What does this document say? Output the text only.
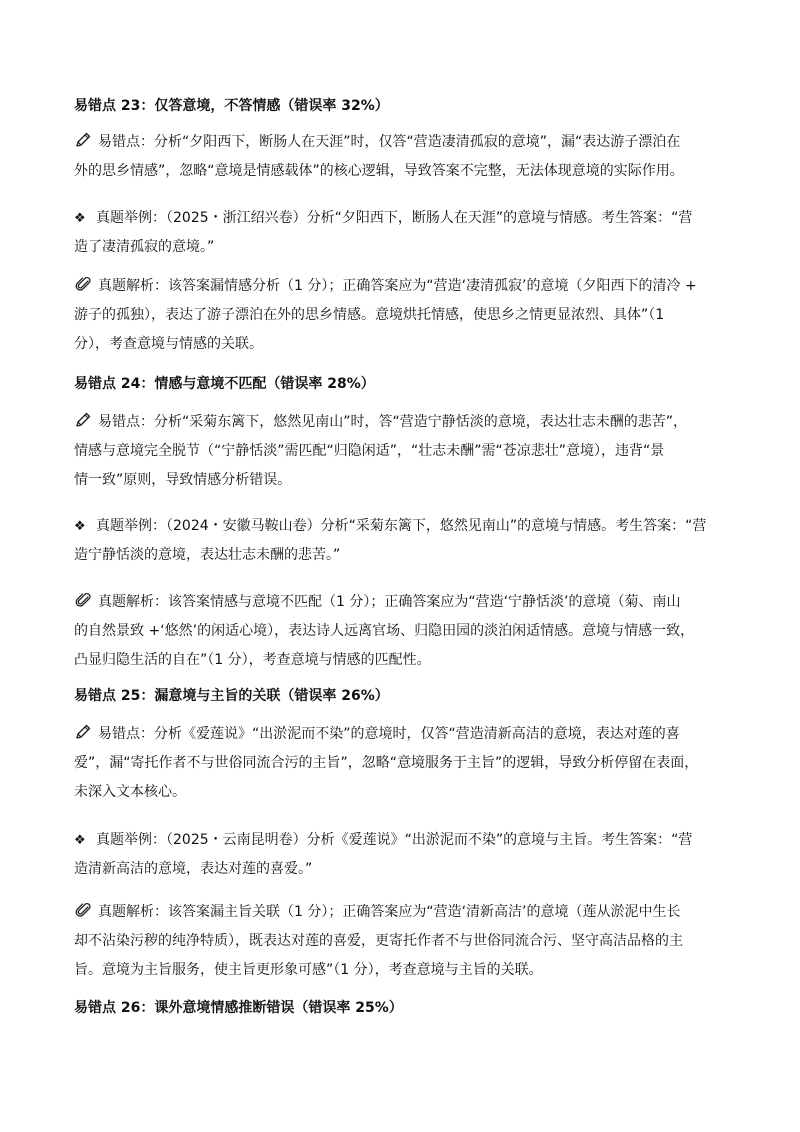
易错点 23：仅答意境，不答情感（错误率 32%）
易错点：分析“夕阳西下，断肠人在天涯”时，仅答“营造凄清孤寂的意境”，漏“表达游子漂泊在
外的思乡情感”，忽略“意境是情感载体”的核心逻辑，导致答案不完整，无法体现意境的实际作用。
❖ 真题举例：（2025・浙江绍兴卷）分析“夕阳西下，断肠人在天涯”的意境与情感。考生答案：“营
造了凄清孤寂的意境。”
真题解析：该答案漏情感分析（1 分）；正确答案应为“营造‘凄清孤寂’的意境（夕阳西下的清冷 +
游子的孤独），表达了游子漂泊在外的思乡情感。意境烘托情感，使思乡之情更显浓烈、具体”（1
分），考查意境与情感的关联。
易错点 24：情感与意境不匹配（错误率 28%）
易错点：分析“采菊东篱下，悠然见南山”时，答“营造宁静恬淡的意境，表达壮志未酬的悲苦”，
情感与意境完全脱节（“宁静恬淡”需匹配“归隐闲适”，“壮志未酬”需“苍凉悲壮”意境），违背“景
情一致”原则，导致情感分析错误。
❖ 真题举例：（2024・安徽马鞍山卷）分析“采菊东篱下，悠然见南山”的意境与情感。考生答案：“营
造宁静恬淡的意境，表达壮志未酬的悲苦。”
真题解析：该答案情感与意境不匹配（1 分）；正确答案应为“营造‘宁静恬淡’的意境（菊、南山
的自然景致 +‘悠然’的闲适心境），表达诗人远离官场、归隐田园的淡泊闲适情感。意境与情感一致，
凸显归隐生活的自在”（1 分），考查意境与情感的匹配性。
易错点 25：漏意境与主旨的关联（错误率 26%）
易错点：分析《爱莲说》“出淤泥而不染”的意境时，仅答“营造清新高洁的意境，表达对莲的喜
爱”，漏“寄托作者不与世俗同流合污的主旨”，忽略“意境服务于主旨”的逻辑，导致分析停留在表面，
未深入文本核心。
❖ 真题举例：（2025・云南昆明卷）分析《爱莲说》“出淤泥而不染”的意境与主旨。考生答案：“营
造清新高洁的意境，表达对莲的喜爱。”
真题解析：该答案漏主旨关联（1 分）；正确答案应为“营造‘清新高洁’的意境（莲从淤泥中生长
却不沾染污秽的纯净特质），既表达对莲的喜爱，更寄托作者不与世俗同流合污、坚守高洁品格的主
旨。意境为主旨服务，使主旨更形象可感”（1 分），考查意境与主旨的关联。
易错点 26：课外意境情感推断错误（错误率 25%）
